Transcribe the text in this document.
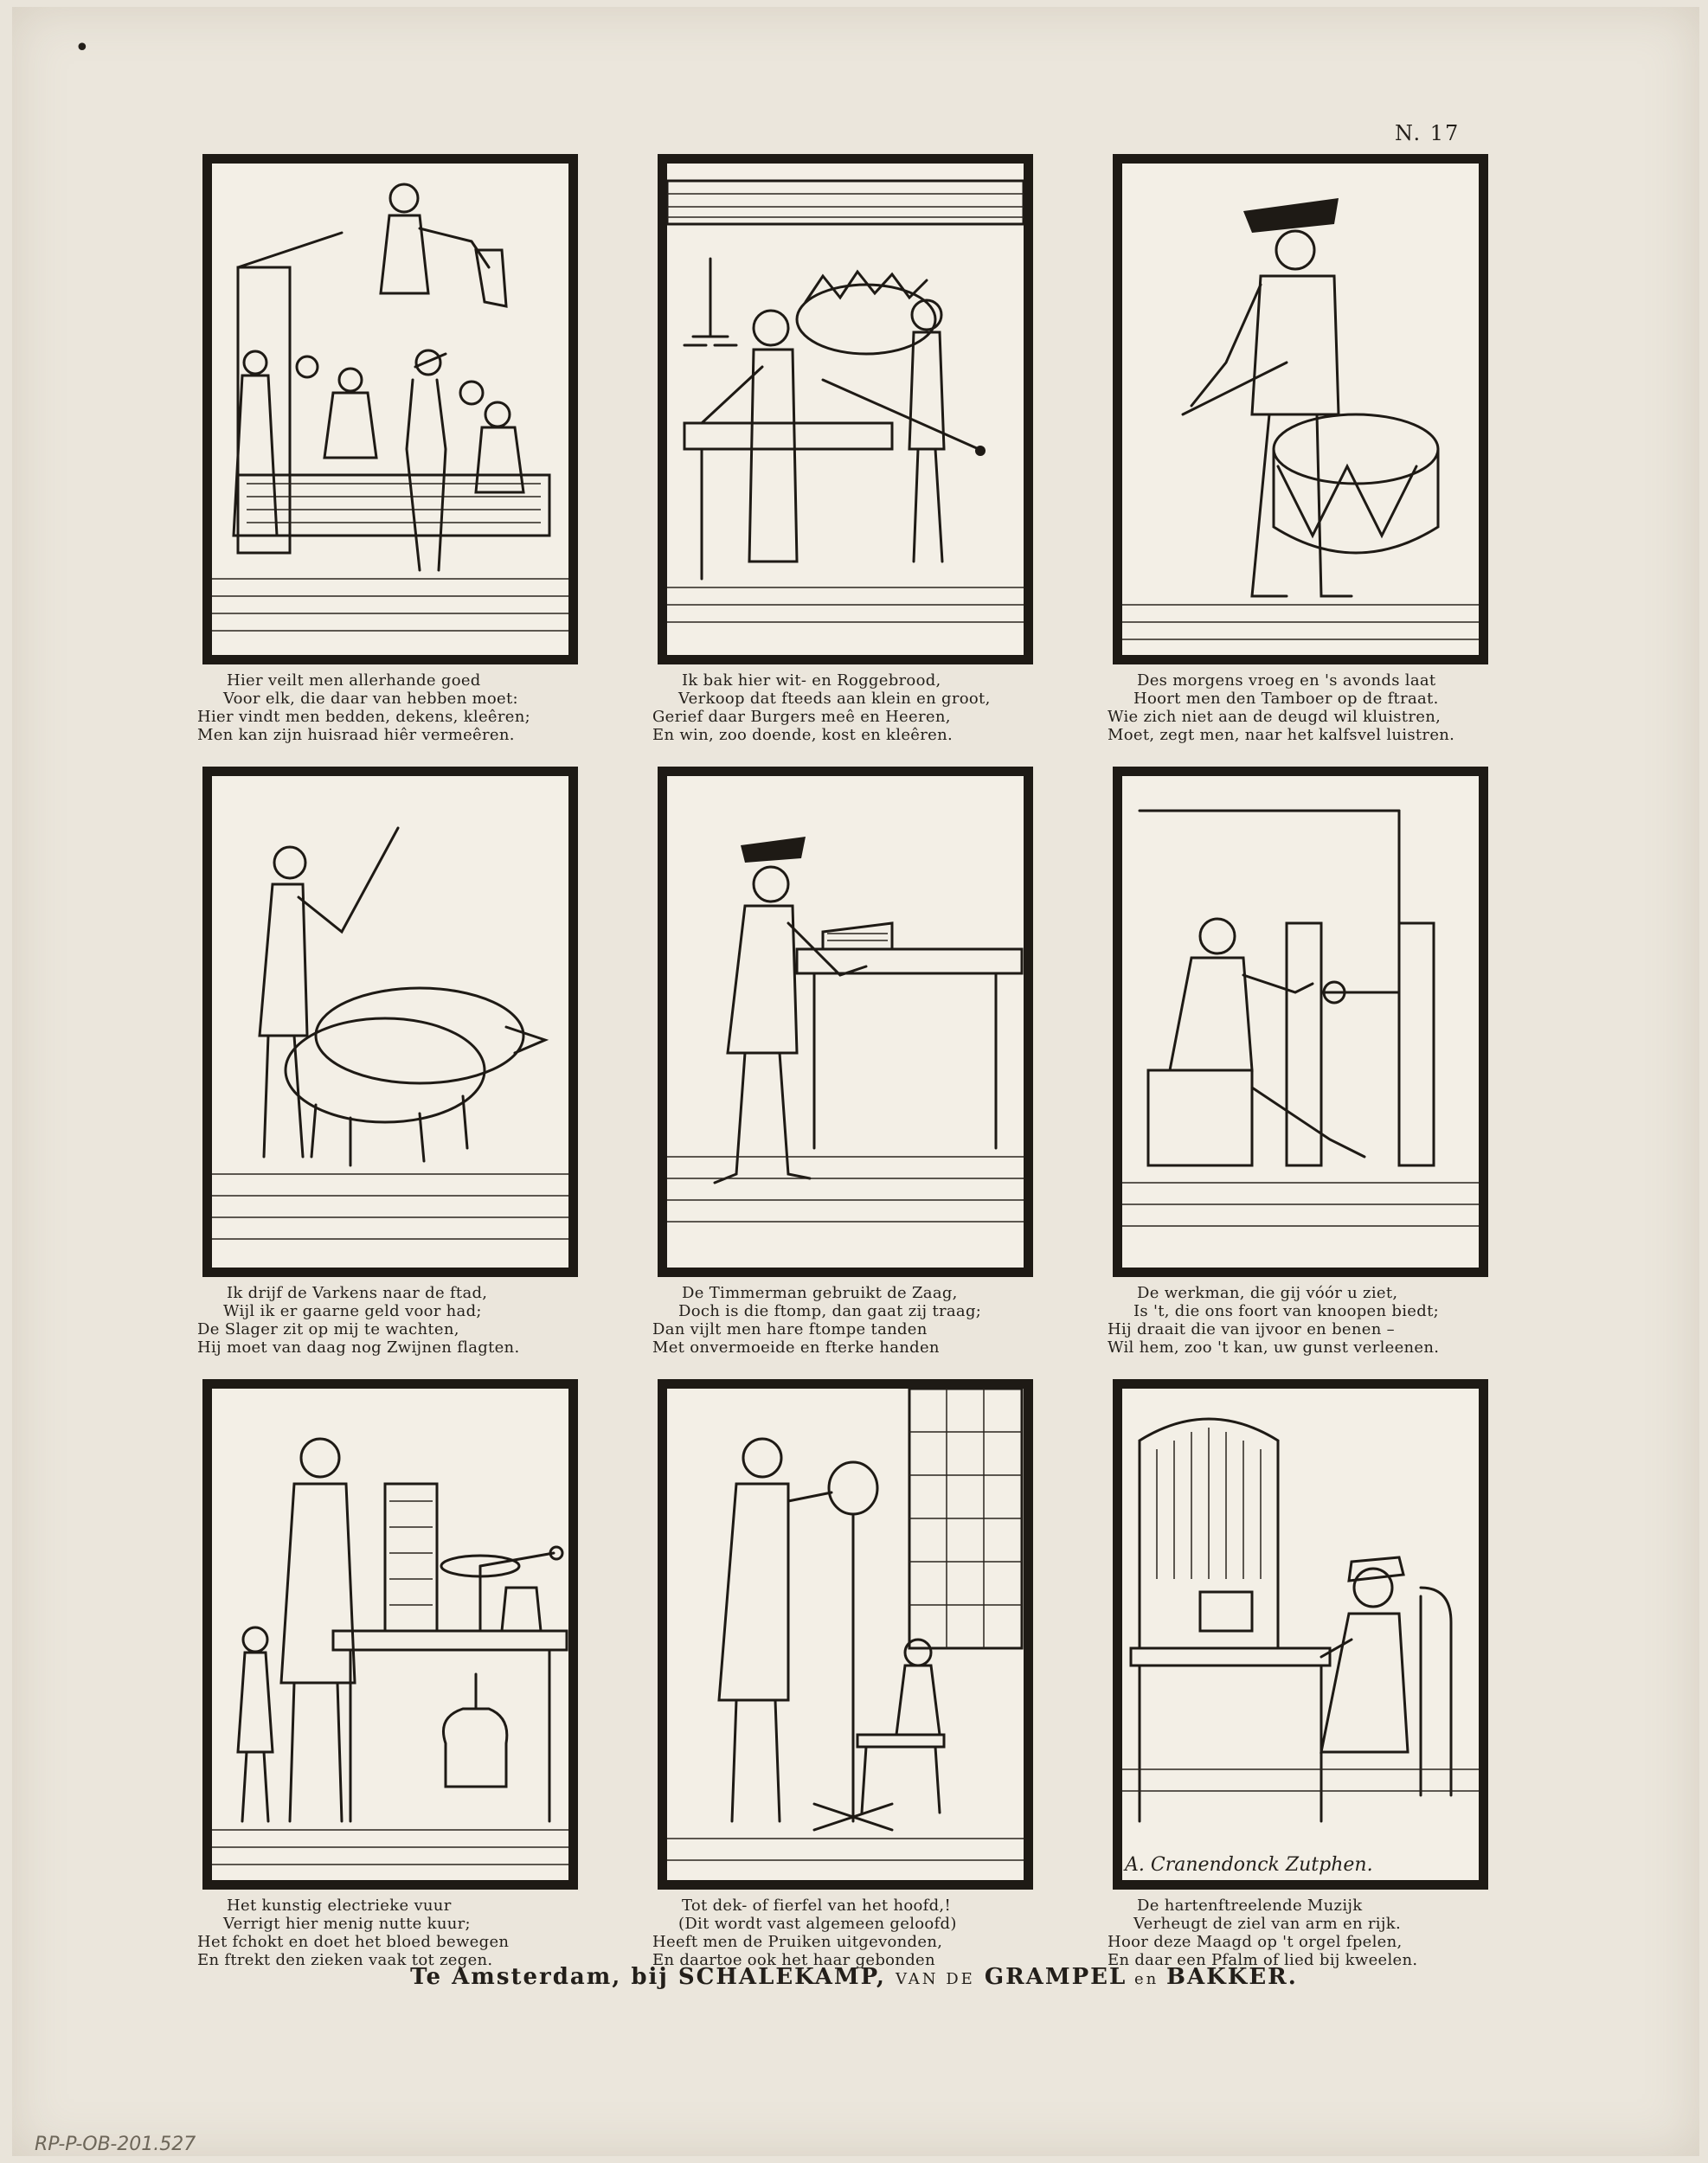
•
N. 17
Hier veilt men allerhande goed
Voor elk, die daar van hebben moet:
Hier vindt men bedden, dekens, kleêren;
Men kan zijn huisraad hiêr vermeêren.
Ik bak hier wit- en Roggebrood,
Verkoop dat fteeds aan klein en groot,
Gerief daar Burgers meê en Heeren,
En win, zoo doende, kost en kleêren.
Des morgens vroeg en 's avonds laat
Hoort men den Tamboer op de ftraat.
Wie zich niet aan de deugd wil kluistren,
Moet, zegt men, naar het kalfsvel luistren.
Ik drijf de Varkens naar de ftad,
Wijl ik er gaarne geld voor had;
De Slager zit op mij te wachten,
Hij moet van daag nog Zwijnen flagten.
De Timmerman gebruikt de Zaag,
Doch is die ftomp, dan gaat zij traag;
Dan vijlt men hare ftompe tanden
Met onvermoeide en fterke handen
De werkman, die gij vóór u ziet,
Is 't, die ons foort van knoopen biedt;
Hij draait die van ijvoor en benen –
Wil hem, zoo 't kan, uw gunst verleenen.
Het kunstig electrieke vuur
Verrigt hier menig nutte kuur;
Het fchokt en doet het bloed bewegen
En ftrekt den zieken vaak tot zegen.
Tot dek- of fierfel van het hoofd,!
(Dit wordt vast algemeen geloofd)
Heeft men de Pruiken uitgevonden,
En daartoe ook het haar gebonden
De hartenftreelende Muzijk
Verheugt de ziel van arm en rijk.
Hoor deze Maagd op 't orgel fpelen,
En daar een Pfalm of lied bij kweelen.
A. Cranendonck Zutphen.
Te Amsterdam, bij SCHALEKAMP, VAN DE GRAMPEL en BAKKER.
RP-P-OB-201.527
